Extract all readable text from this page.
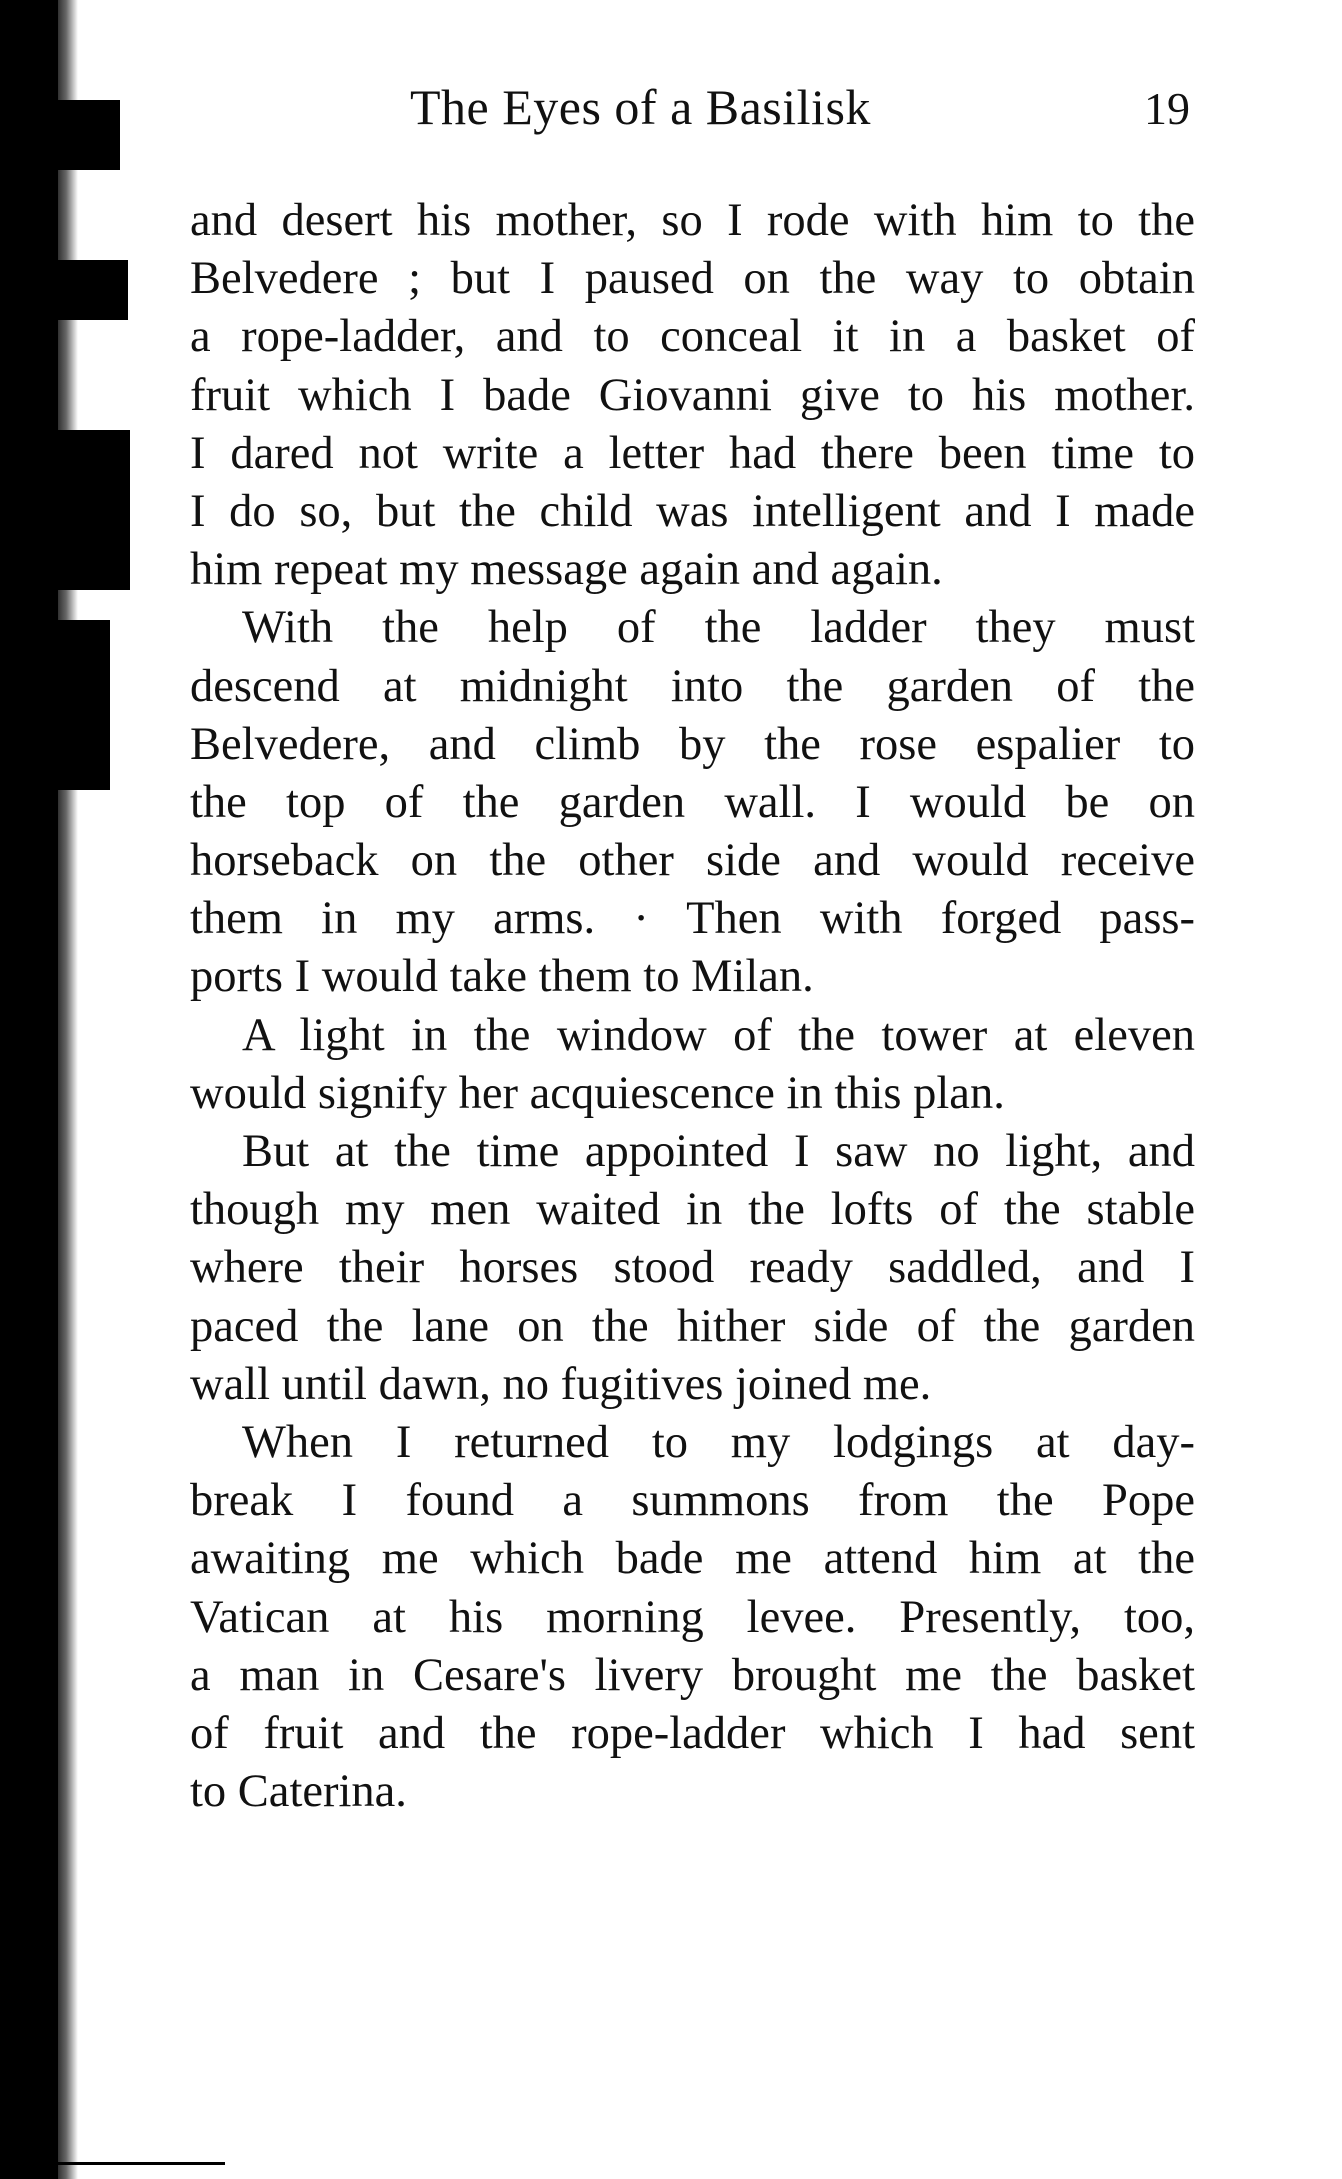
The Eyes of a Basilisk	19
and desert his mother, so I rode with him to the
Belvedere ; but I paused on the way to obtain
a rope-ladder, and to conceal it in a basket of
fruit which I bade Giovanni give to his mother.
I dared not write a letter had there been time to
I do so, but the child was intelligent and I made
him repeat my message again and again.
With the help of the ladder they must
descend at midnight into the garden of the
Belvedere, and climb by the rose espalier to
the top of the garden wall. I would be on
horseback on the other side and would receive
them in my arms. · Then with forged pass-
ports I would take them to Milan.
A light in the window of the tower at eleven
would signify her acquiescence in this plan.
But at the time appointed I saw no light, and
though my men waited in the lofts of the stable
where their horses stood ready saddled, and I
paced the lane on the hither side of the garden
wall until dawn, no fugitives joined me.
When I returned to my lodgings at day-
break I found a summons from the Pope
awaiting me which bade me attend him at the
Vatican at his morning levee. Presently, too,
a man in Cesare's livery brought me the basket
of fruit and the rope-ladder which I had sent
to Caterina.
